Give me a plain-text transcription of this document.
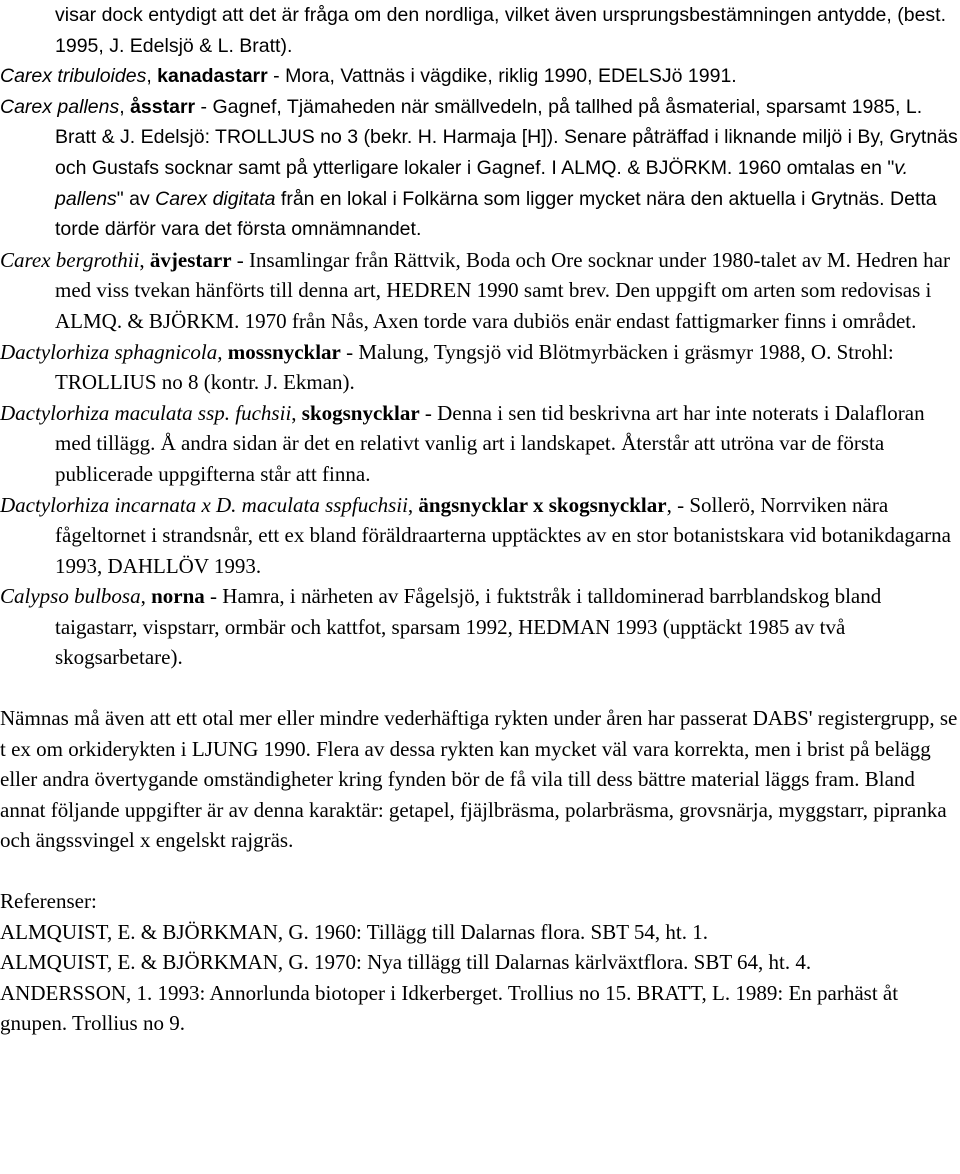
visar dock entydigt att det är fråga om den nordliga, vilket även ursprungsbestämningen antydde, (best. 1995, J. Edelsjö & L. Bratt).

Carex tribuloides, kanadastarr - Mora, Vattnäs i vägdike, riklig 1990, EDELSJö 1991.

Carex pallens, åsstarr - Gagnef, Tjämaheden när smällvedeln, på tallhed på åsmaterial, sparsamt 1985, L. Bratt & J. Edelsjö: TROLLJUS no 3 (bekr. H. Harmaja [H]). Senare påträffad i liknande miljö i By, Grytnäs och Gustafs socknar samt på ytterligare lokaler i Gagnef. I ALMQ. & BJÖRKM. 1960 omtalas en "v. pallens" av Carex digitata från en lokal i Folkärna som ligger mycket nära den aktuella i Grytnäs. Detta torde därför vara det första omnämnandet.

Carex bergrothii, ävjestarr - Insamlingar från Rättvik, Boda och Ore socknar under 1980-talet av M. Hedren har med viss tvekan hänförts till denna art, HEDREN 1990 samt brev. Den uppgift om arten som redovisas i ALMQ. & BJÖRKM. 1970 från Nås, Axen torde vara dubiös enär endast fattigmarker finns i området.

Dactylorhiza sphagnicola, mossnycklar - Malung, Tyngsjö vid Blötmyrbäcken i gräsmyr 1988, O. Strohl: TROLLIUS no 8 (kontr. J. Ekman).

Dactylorhiza maculata ssp. fuchsii, skogsnycklar - Denna i sen tid beskrivna art har inte noterats i Dalafloran med tillägg. Å andra sidan är det en relativt vanlig art i landskapet. Återstår att utröna var de första publicerade uppgifterna står att finna.

Dactylorhiza incarnata x D. maculata sspfuchsii, ängsnycklar x skogsnycklar, - Sollerö, Norrviken nära fågeltornet i strandsnår, ett ex bland föräldraarterna upptäcktes av en stor botanistskara vid botanikdagarna 1993, DAHLLÖV 1993.

Calypso bulbosa, norna - Hamra, i närheten av Fågelsjö, i fuktstråk i talldominerad barrblandskog bland taigastarr, vispstarr, ormbär och kattfot, sparsam 1992, HEDMAN 1993 (upptäckt 1985 av två skogsarbetare).

Nämnas må även att ett otal mer eller mindre vederhäftiga rykten under åren har passerat DABS' registergrupp, se t ex om orkiderykten i LJUNG 1990. Flera av dessa rykten kan mycket väl vara korrekta, men i brist på belägg eller andra övertygande omständigheter kring fynden bör de få vila till dess bättre material läggs fram. Bland annat följande uppgifter är av denna karaktär: getapel, fjäjlbräsma, polarbräsma, grovsnärja, myggstarr, pipranka och ängssvingel x engelskt rajgräs.

Referenser:

ALMQUIST, E. & BJÖRKMAN, G. 1960: Tillägg till Dalarnas flora. SBT 54, ht. 1.

ALMQUIST, E. & BJÖRKMAN, G. 1970: Nya tillägg till Dalarnas kärlväxtflora. SBT 64, ht. 4.

ANDERSSON, 1. 1993: Annorlunda biotoper i Idkerberget. Trollius no 15. BRATT, L. 1989: En parhäst åt gnupen. Trollius no 9.
